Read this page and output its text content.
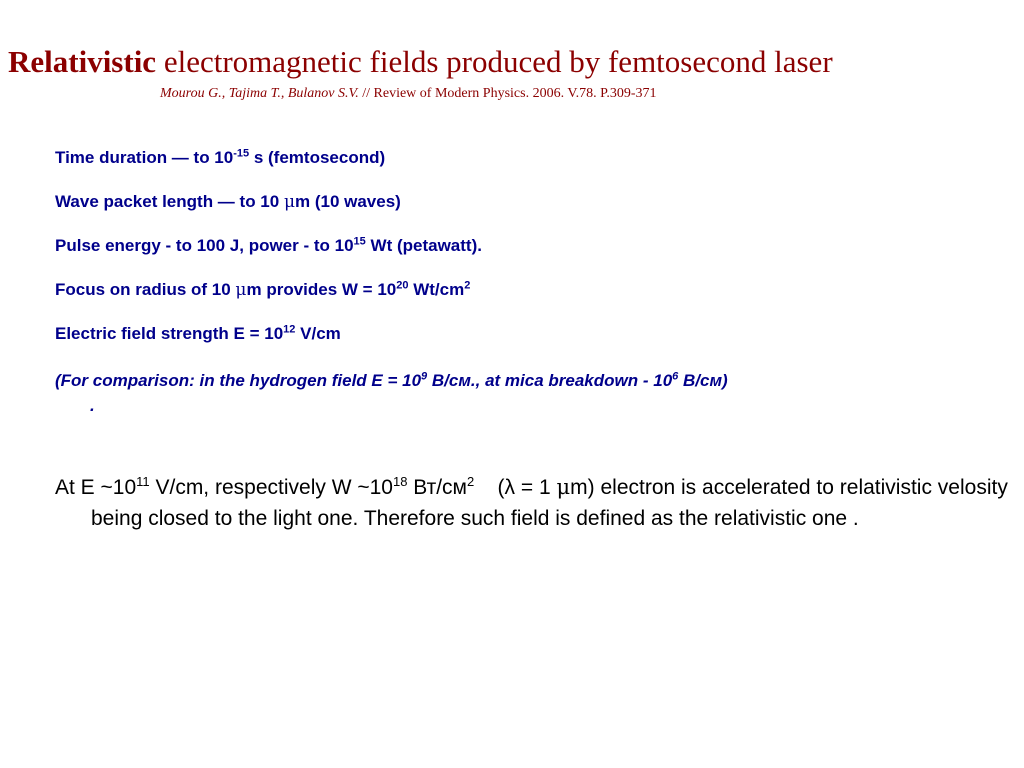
Relativistic electromagnetic fields produced by femtosecond laser
Mourou G., Tajima T., Bulanov S.V. // Review of Modern Physics. 2006. V.78. P.309-371
Time duration — to $10^{-15}$ s (femtosecond)
Wave packet length — to 10 μm (10 waves)
Pulse energy - to 100 J, power - to $10^{15}$ Wt (petawatt).
Focus on radius of 10 μm provides $W = 10^{20}$ $Wt/cm^2$
Electric field strength $E = 10^{12}$ V/cm
(For comparison: in the hydrogen field $E = 10^9$ В/см., at mica breakdown - $10^6$ В/см)
.
At E $\sim 10^{11}$ V/cm, respectively W $\sim 10^{18}$ $Вт/см^2$    (λ = 1 μm) electron is accelerated to relativistic velosity being closed to the light one. Therefore such field is defined as the relativistic one .
